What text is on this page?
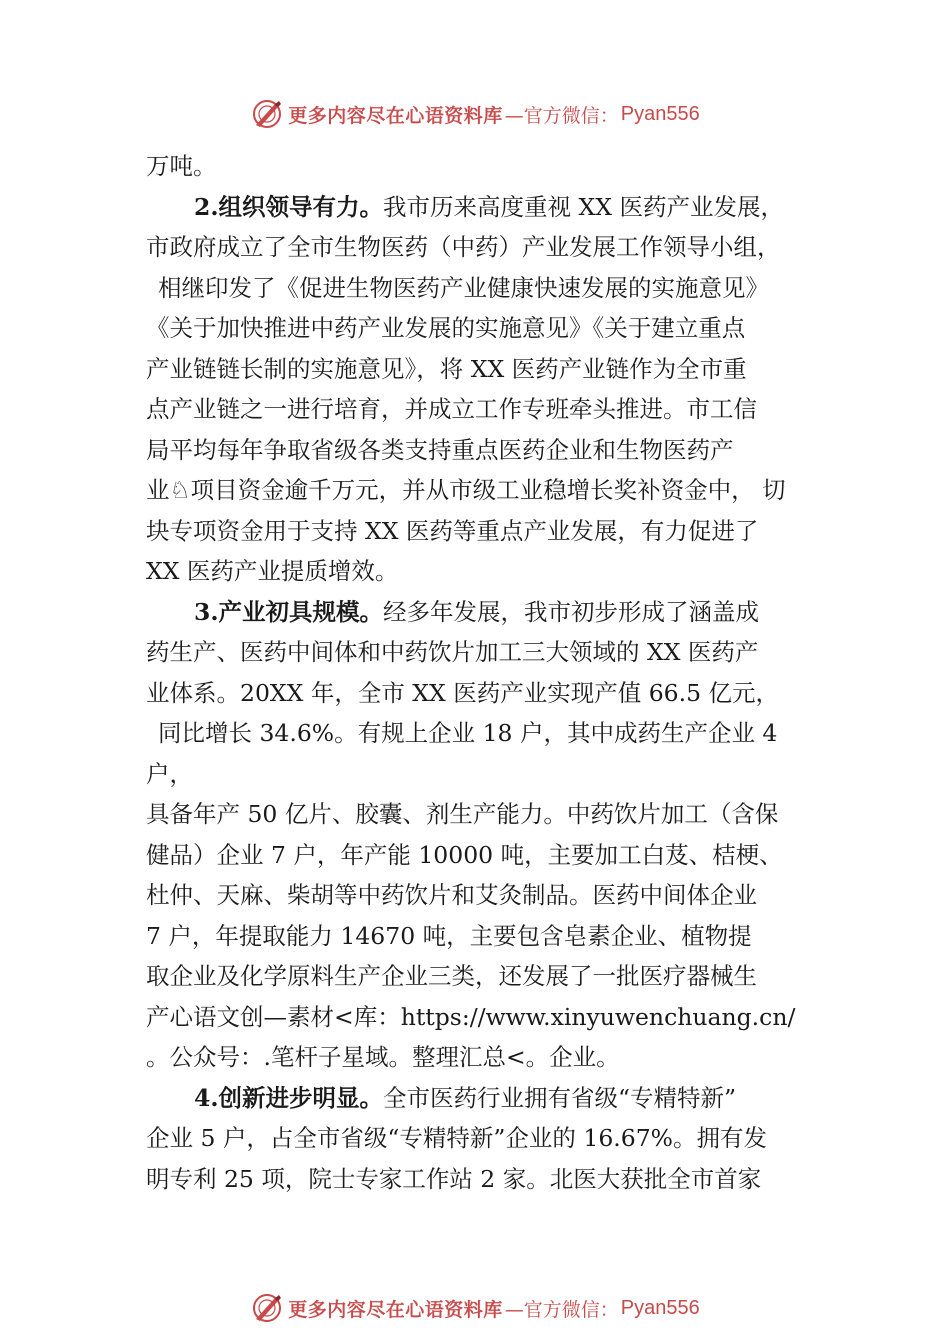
更多内容尽在心语资料库 —官方微信： Pyan556
万吨。
2.组织领导有力。我市历来高度重视 XX 医药产业发展，
市政府成立了全市生物医药（中药）产业发展工作领导小组，
相继印发了《促进生物医药产业健康快速发展的实施意见》
《关于加快推进中药产业发展的实施意见》《关于建立重点
产业链链长制的实施意见》，将 XX 医药产业链作为全市重
点产业链之一进行培育，并成立工作专班牵头推进。市工信
局平均每年争取省级各类支持重点医药企业和生物医药产
业♘项目资金逾千万元，并从市级工业稳增长奖补资金中， 切
块专项资金用于支持 XX 医药等重点产业发展，有力促进了
XX 医药产业提质增效。
3.产业初具规模。经多年发展，我市初步形成了涵盖成
药生产、医药中间体和中药饮片加工三大领域的 XX 医药产
业体系。20XX 年，全市 XX 医药产业实现产值 66.5 亿元，
同比增长 34.6%。有规上企业 18 户，其中成药生产企业 4
户，
具备年产 50 亿片、胶囊、剂生产能力。中药饮片加工（含保
健品）企业 7 户，年产能 10000 吨，主要加工白芨、桔梗、
杜仲、天麻、柴胡等中药饮片和艾灸制品。医药中间体企业
7 户，年提取能力 14670 吨，主要包含皂素企业、植物提
取企业及化学原料生产企业三类，还发展了一批医疗器械生
产心语文创—素材<库：https://www.xinyuwenchuang.cn/
。公众号：.笔杆子星域。整理汇总<。企业。
4.创新进步明显。全市医药行业拥有省级“专精特新”
企业 5 户，占全市省级“专精特新”企业的 16.67%。拥有发
明专利 25 项，院士专家工作站 2 家。北医大获批全市首家
更多内容尽在心语资料库 —官方微信： Pyan556
